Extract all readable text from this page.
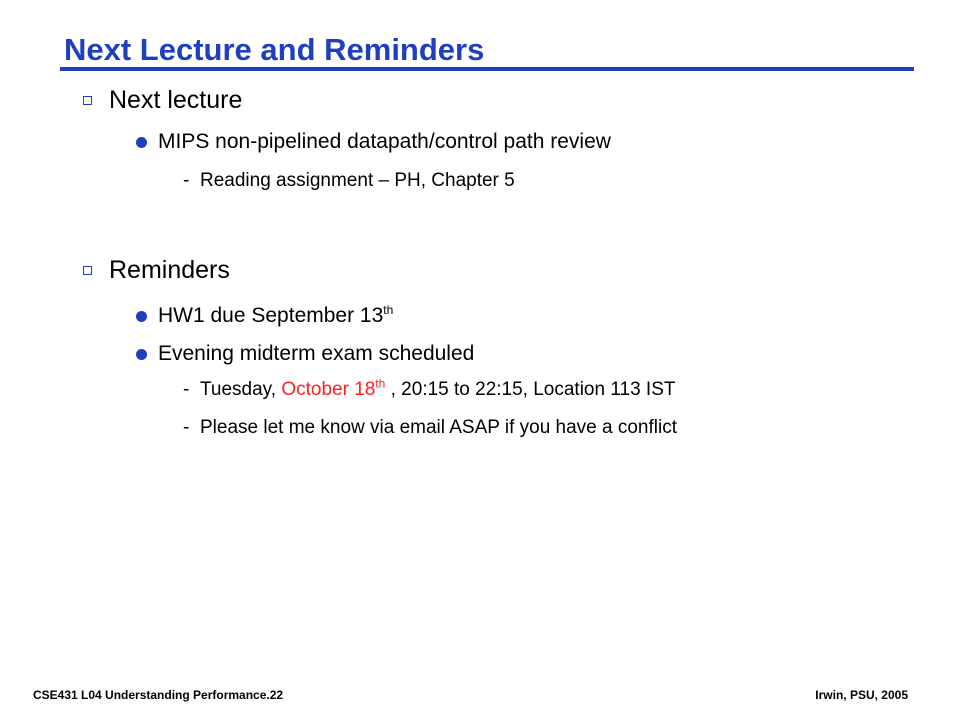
Next Lecture and Reminders
Next lecture
MIPS non-pipelined datapath/control path review
- Reading assignment – PH, Chapter 5
Reminders
HW1 due September 13th
Evening midterm exam scheduled
- Tuesday, October 18th , 20:15 to 22:15, Location 113 IST
- Please let me know via email ASAP if you have a conflict
CSE431 L04 Understanding Performance.22	Irwin, PSU, 2005
